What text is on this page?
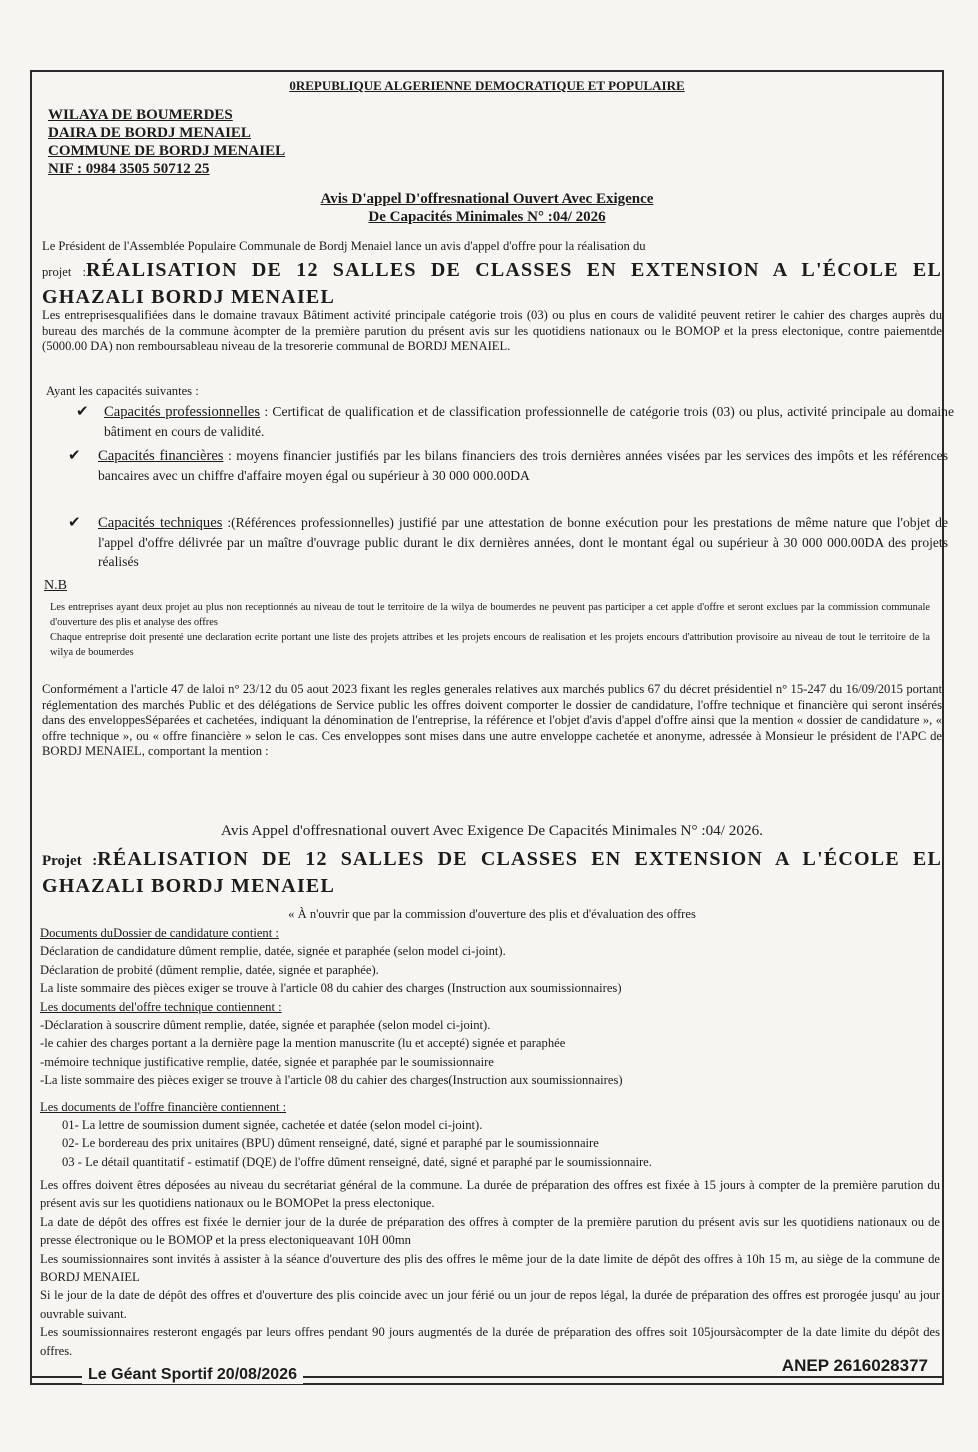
0REPUBLIQUE ALGERIENNE DEMOCRATIQUE ET POPULAIRE
WILAYA DE BOUMERDES
DAIRA DE BORDJ MENAIEL
COMMUNE DE BORDJ MENAIEL
NIF : 0984 3505 50712 25
Avis D'appel D'offresnational Ouvert Avec Exigence
De Capacités Minimales N° :04/ 2026
Le Président de l'Assemblée Populaire Communale de Bordj Menaiel lance un avis d'appel d'offre pour la réalisation du
projet :RÉALISATION DE 12 SALLES DE CLASSES EN EXTENSION A L'ÉCOLE EL GHAZALI BORDJ MENAIEL
Les entreprisesqualifiées dans le domaine travaux Bâtiment activité principale catégorie trois (03) ou plus en cours de validité peuvent retirer le cahier des charges auprès du bureau des marchés de la commune àcompter de la première parution du présent avis sur les quotidiens nationaux ou le BOMOP et la press electonique, contre paiementde (5000.00 DA) non remboursableau niveau de la tresorerie communal de BORDJ MENAIEL.
Ayant les capacités suivantes :
✔ Capacités professionnelles : Certificat de qualification et de classification professionnelle de catégorie trois (03) ou plus, activité principale au domaine bâtiment en cours de validité.
✔ Capacités financières : moyens financier justifiés par les bilans financiers des trois dernières années visées par les services des impôts et les références bancaires avec un chiffre d'affaire moyen égal ou supérieur à 30 000 000.00DA
✔ Capacités techniques :(Références professionnelles) justifié par une attestation de bonne exécution pour les prestations de même nature que l'objet de l'appel d'offre délivrée par un maître d'ouvrage public durant le dix dernières années, dont le montant égal ou supérieur à 30 000 000.00DA des projets réalisés
N.B
Les entreprises ayant deux projet au plus non receptionnés au niveau de tout le territoire de la wilya de boumerdes ne peuvent pas participer a cet apple d'offre et seront exclues par la commission communale d'ouverture des plis et analyse des offres
Chaque entreprise doit presenté une declaration ecrite portant une liste des projets attribes et les projets encours de realisation et les projets encours d'attribution provisoire au niveau de tout le territoire de la wilya de boumerdes
Conformément a l'article 47 de laloi n° 23/12 du 05 aout 2023 fixant les regles generales relatives aux marchés publics 67 du décret présidentiel n° 15-247 du 16/09/2015 portant réglementation des marchés Public et des délégations de Service public les offres doivent comporter le dossier de candidature, l'offre technique et financière qui seront insérés dans des enveloppesSéparées et cachetées, indiquant la dénomination de l'entreprise, la référence et l'objet d'avis d'appel d'offre ainsi que la mention « dossier de candidature », « offre technique », ou « offre financière » selon le cas. Ces enveloppes sont mises dans une autre enveloppe cachetée et anonyme, adressée à Monsieur le président de l'APC de BORDJ MENAIEL, comportant la mention :
Avis Appel d'offresnational ouvert Avec Exigence De Capacités Minimales N° :04/ 2026.
Projet :RÉALISATION DE 12 SALLES DE CLASSES EN EXTENSION A L'ÉCOLE EL GHAZALI BORDJ MENAIEL
« À n'ouvrir que par la commission d'ouverture des plis et d'évaluation des offres
Documents duDossier de candidature contient :
Déclaration de candidature dûment remplie, datée, signée et paraphée (selon model ci-joint).
Déclaration de probité (dûment remplie, datée, signée et paraphée).
La liste sommaire des pièces exiger se trouve à l'article 08 du cahier des charges (Instruction aux soumissionnaires)
Les documents del'offre technique contiennent :
-Déclaration à souscrire dûment remplie, datée, signée et paraphée (selon model ci-joint).
-le cahier des charges portant a la dernière page la mention manuscrite (lu et accepté) signée et paraphée
-mémoire technique justificative remplie, datée, signée et paraphée par le soumissionnaire
-La liste sommaire des pièces exiger se trouve à l'article 08 du cahier des charges(Instruction aux soumissionnaires)
Les documents de l'offre financière contiennent :
01- La lettre de soumission dument signée, cachetée et datée (selon model ci-joint).
02- Le bordereau des prix unitaires (BPU) dûment renseigné, daté, signé et paraphé par le soumissionnaire
03 - Le détail quantitatif - estimatif (DQE) de l'offre dûment renseigné, daté, signé et paraphé par le soumissionnaire.
Les offres doivent êtres déposées au niveau du secrétariat général de la commune. La durée de préparation des offres est fixée à 15 jours à compter de la première parution du présent avis sur les quotidiens nationaux ou le BOMOPet la press electonique.
La date de dépôt des offres est fixée le dernier jour de la durée de préparation des offres à compter de la première parution du présent avis sur les quotidiens nationaux ou de presse électronique ou le BOMOP et la press electoniqueavant 10H 00mn
Les soumissionnaires sont invités à assister à la séance d'ouverture des plis des offres le même jour de la date limite de dépôt des offres à 10h 15 m, au siège de la commune de BORDJ MENAIEL
Si le jour de la date de dépôt des offres et d'ouverture des plis coincide avec un jour férié ou un jour de repos légal, la durée de préparation des offres est prorogée jusqu' au jour ouvrable suivant.
Les soumissionnaires resteront engagés par leurs offres pendant 90 jours augmentés de la durée de préparation des offres soit 105joursàcompter de la date limite du dépôt des offres.
Le Géant Sportif 20/08/2026	ANEP 2616028377
